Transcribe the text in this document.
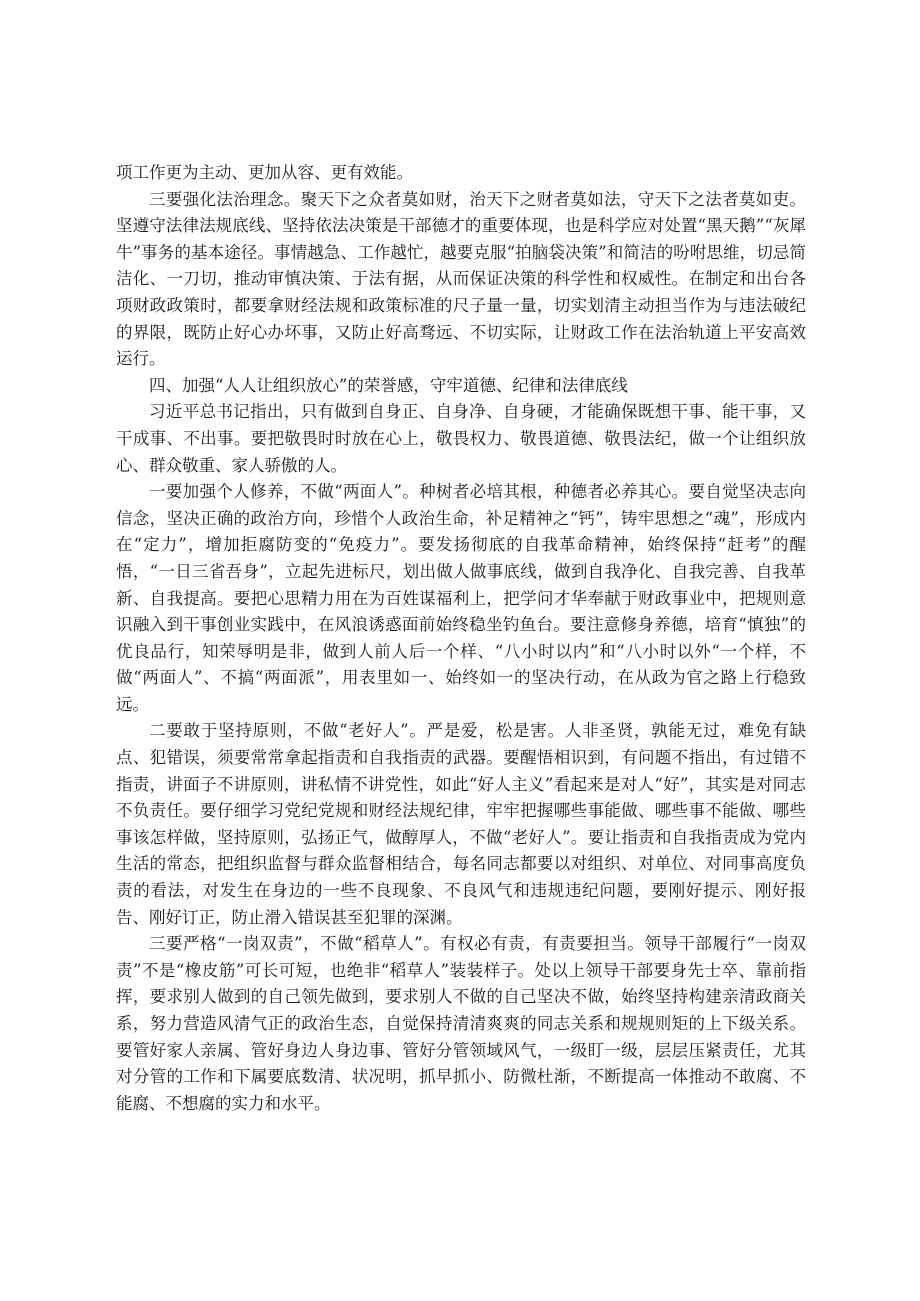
项工作更为主动、更加从容、更有效能。

三要强化法治理念。聚天下之众者莫如财，治天下之财者莫如法，守天下之法者莫如吏。坚遵守法律法规底线、坚持依法决策是干部德才的重要体现，也是科学应对处置“黑天鹅”“灰犀牛”事务的基本途径。事情越急、工作越忙，越要克服“拍脑袋决策”和简洁的吩咐思维，切忌简洁化、一刀切，推动审慎决策、于法有据，从而保证决策的科学性和权威性。在制定和出台各项财政政策时，都要拿财经法规和政策标准的尺子量一量，切实划清主动担当作为与违法破纪的界限，既防止好心办坏事，又防止好高骛远、不切实际，让财政工作在法治轨道上平安高效运行。

四、加强“人人让组织放心”的荣誉感，守牢道德、纪律和法律底线

习近平总书记指出，只有做到自身正、自身净、自身硬，才能确保既想干事、能干事，又干成事、不出事。要把敬畏时时放在心上，敬畏权力、敬畏道德、敬畏法纪，做一个让组织放心、群众敬重、家人骄傲的人。

一要加强个人修养，不做“两面人”。种树者必培其根，种德者必养其心。要自觉坚决志向信念，坚决正确的政治方向，珍惜个人政治生命，补足精神之“钙”，铸牢思想之“魂”，形成内在“定力”，增加拒腐防变的“免疫力”。要发扬彻底的自我革命精神，始终保持“赶考”的醒悟，“一日三省吾身”，立起先进标尺，划出做人做事底线，做到自我净化、自我完善、自我革新、自我提高。要把心思精力用在为百姓谋福利上，把学问才华奉献于财政事业中，把规则意识融入到干事创业实践中，在风浪诱惑面前始终稳坐钓鱼台。要注意修身养德，培育“慎独”的优良品行，知荣辱明是非，做到人前人后一个样、“八小时以内”和“八小时以外“一个样，不做“两面人”、不搞“两面派”，用表里如一、始终如一的坚决行动，在从政为官之路上行稳致远。

二要敢于坚持原则，不做“老好人”。严是爱，松是害。人非圣贤，孰能无过，难免有缺点、犯错误，须要常常拿起指责和自我指责的武器。要醒悟相识到，有问题不指出，有过错不指责，讲面子不讲原则，讲私情不讲党性，如此“好人主义”看起来是对人“好”，其实是对同志不负责任。要仔细学习党纪党规和财经法规纪律，牢牢把握哪些事能做、哪些事不能做、哪些事该怎样做，坚持原则，弘扬正气，做醇厚人，不做“老好人”。要让指责和自我指责成为党内生活的常态，把组织监督与群众监督相结合，每名同志都要以对组织、对单位、对同事高度负责的看法，对发生在身边的一些不良现象、不良风气和违规违纪问题，要刚好提示、刚好报告、刚好订正，防止滑入错误甚至犯罪的深渊。

三要严格“一岗双责”，不做“稻草人”。有权必有责，有责要担当。领导干部履行“一岗双责”不是“橡皮筋”可长可短，也绝非“稻草人”装装样子。处以上领导干部要身先士卒、靠前指挥，要求别人做到的自己领先做到，要求别人不做的自己坚决不做，始终坚持构建亲清政商关系，努力营造风清气正的政治生态，自觉保持清清爽爽的同志关系和规规则矩的上下级关系。要管好家人亲属、管好身边人身边事、管好分管领域风气，一级盯一级，层层压紧责任，尤其对分管的工作和下属要底数清、状况明，抓早抓小、防微杜渐，不断提高一体推动不敢腐、不能腐、不想腐的实力和水平。
